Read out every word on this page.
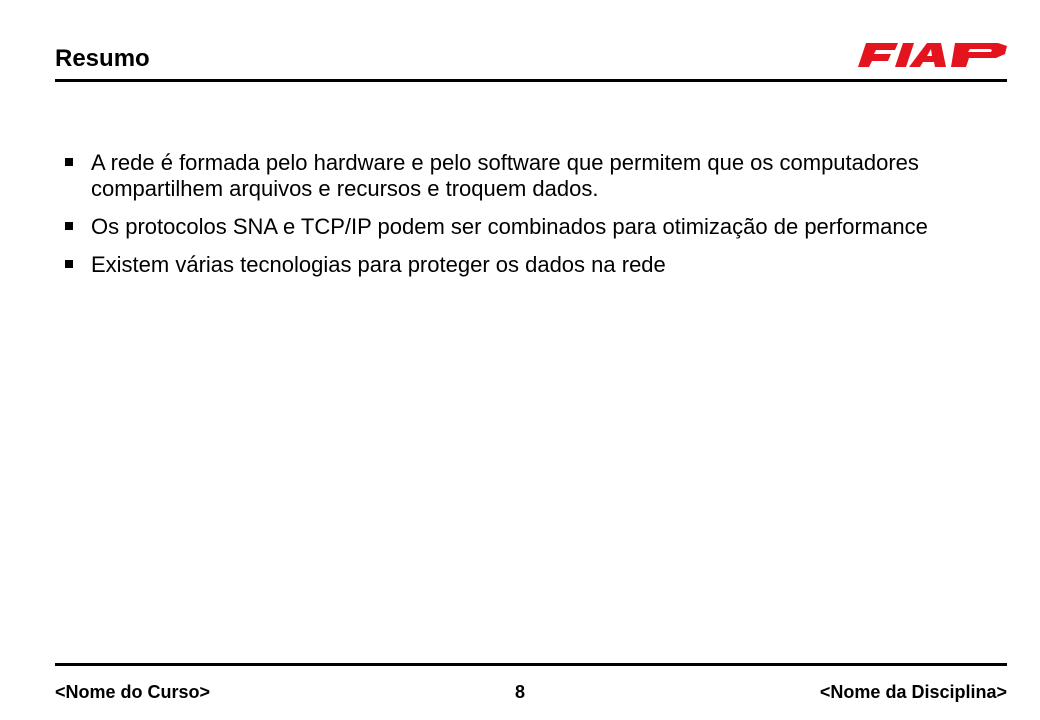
Resumo
A rede é formada pelo hardware e pelo software que permitem que os computadores compartilhem arquivos e recursos e troquem dados.
Os protocolos SNA e TCP/IP podem ser combinados para otimização de performance
Existem várias tecnologias para proteger os dados na rede
<Nome do Curso>	8	<Nome da Disciplina>
